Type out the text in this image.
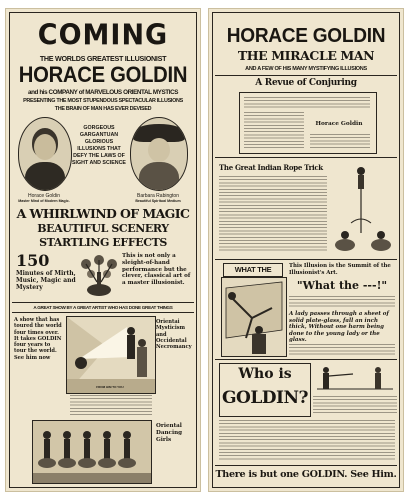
COMING
THE WORLDS GREATEST ILLUSIONIST
HORACE GOLDIN
and his COMPANY of MARVELOUS ORIENTAL MYSTICS
PRESENTING THE MOST STUPENDOUS SPECTACULAR ILLUSIONS
THE BRAIN OF MAN HAS EVER DEVISED
GORGEOUS GARGANTUAN GLORIOUS ILLUSIONS THAT DEFY THE LAWS OF SIGHT AND SCIENCE
Horace Goldin
Master Mind of Modern Magic.
Barbara Rabington
Beautiful Spiritual Medium
A WHIRLWIND OF MAGIC
BEAUTIFUL SCENERY
STARTLING EFFECTS
150
Minutes of Mirth, Music, Magic and Mystery
This is not only a sleight-of-hand performance but the clever, classical art of a master illusionist.
A GREAT SHOW BY A GREAT ARTIST WHO HAS DONE GREAT THINGS
A show that has toured the world four times over. It takes GOLDIN four years to tour the world. See him now
FROM HIM TO YOU
Orientai Mysticism and Occidental Necromancy
Oriental Dancing Girls
HORACE GOLDIN
THE MIRACLE MAN
AND A FEW OF HIS MANY MYSTIFYING ILLUSIONS
A Revue of Conjuring
Horace Goldin
The Great Indian Rope Trick
WHAT THE	This Illusion is the Summit of the Illusionist's Art.
"What the ---!"
A lady passes through a sheet of solid plate-glass, fall an inch thick, Without one harm being done to the young lady or the glass.
Who is
GOLDIN?
There is but one GOLDIN. See Him.
